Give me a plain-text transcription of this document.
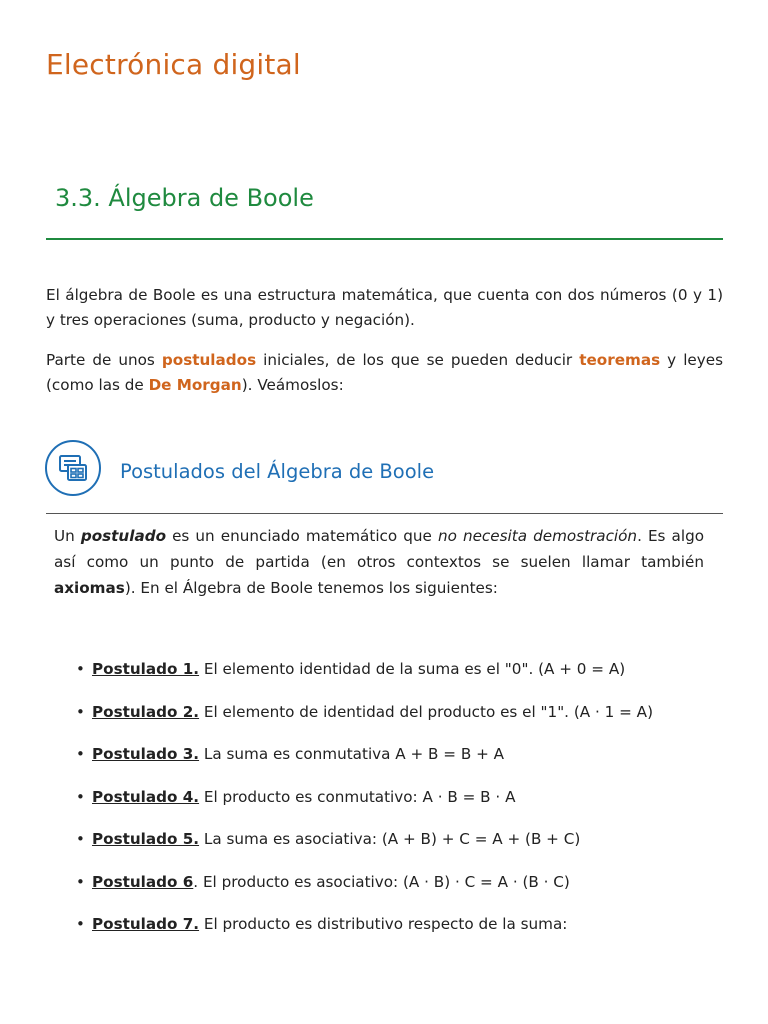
Electrónica digital
3.3. Álgebra de Boole

El álgebra de Boole es una estructura matemática, que cuenta con dos números (0 y 1) y tres operaciones (suma, producto y negación).

Parte de unos postulados iniciales, de los que se pueden deducir teoremas y leyes (como las de De Morgan). Veámoslos:

Postulados del Álgebra de Boole

Un postulado es un enunciado matemático que no necesita demostración. Es algo así como un punto de partida (en otros contextos se suelen llamar también axiomas). En el Álgebra de Boole tenemos los siguientes:

• Postulado 1. El elemento identidad de la suma es el "0". (A + 0 = A)
• Postulado 2. El elemento de identidad del producto es el "1". (A · 1 = A)
• Postulado 3. La suma es conmutativa A + B = B + A
• Postulado 4. El producto es conmutativo: A · B = B · A
• Postulado 5. La suma es asociativa: (A + B) + C = A + (B + C)
• Postulado 6. El producto es asociativo: (A · B) · C = A · (B · C)
• Postulado 7. El producto es distributivo respecto de la suma:
